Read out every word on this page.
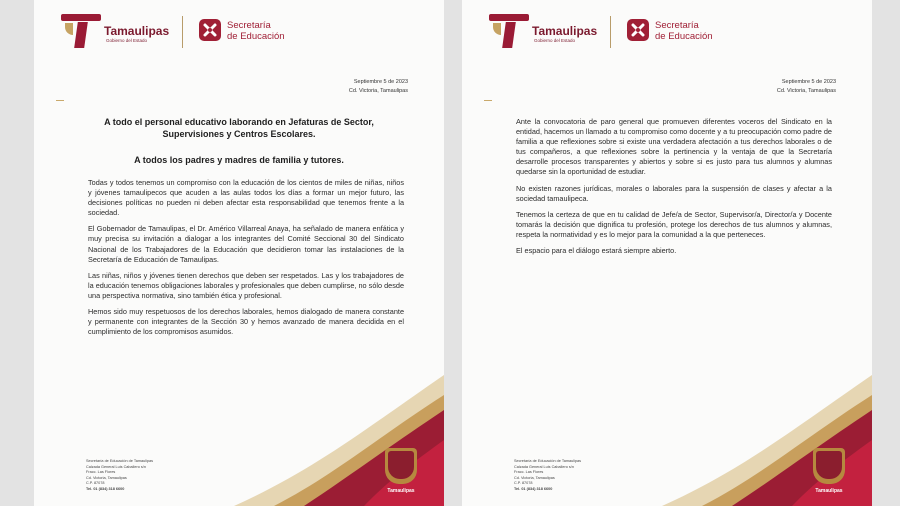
Tamaulipas
Gobierno del Estado
Secretaría
de Educación
Septiembre 5 de 2023
Cd. Victoria, Tamaulipas
A todo el personal educativo laborando en Jefaturas de Sector, Supervisiones y Centros Escolares.
A todos los padres y madres de familia y tutores.

Todas y todos tenemos un compromiso con la educación de los cientos de miles de niñas, niños y jóvenes tamaulipecos que acuden a las aulas todos los días a formar un mejor futuro, las decisiones políticas no pueden ni deben afectar esta responsabilidad que tenemos frente a la sociedad.

El Gobernador de Tamaulipas, el Dr. Américo Villarreal Anaya, ha señalado de manera enfática y muy precisa su invitación a dialogar a los integrantes del Comité Seccional 30 del Sindicato Nacional de los Trabajadores de la Educación que decidieron tomar las instalaciones de la Secretaría de Educación de Tamaulipas.

Las niñas, niños y jóvenes tienen derechos que deben ser respetados. Las y los trabajadores de la educación tenemos obligaciones laborales y profesionales que deben cumplirse, no sólo desde una perspectiva normativa, sino también ética y profesional.

Hemos sido muy respetuosos de los derechos laborales, hemos dialogado de manera constante y permanente con integrantes de la Sección 30 y hemos avanzado de manera decidida en el cumplimiento de los compromisos asumidos.

Secretaría de Educación de Tamaulipas
Calzada General Luis Caballero s/n
Fracc. Las Flores
Cd. Victoria, Tamaulipas
C.P. 87078
Tel. 01 (834) 318 6600	Tamaulipas
Tamaulipas
Gobierno del Estado
Secretaría
de Educación
Septiembre 5 de 2023
Cd. Victoria, Tamaulipas

Ante la convocatoria de paro general que promueven diferentes voceros del Sindicato en la entidad, hacemos un llamado a tu compromiso como docente y a tu preocupación como padre de familia a que reflexiones sobre si existe una verdadera afectación a tus derechos laborales o de tus compañeros, a que reflexiones sobre la pertinencia y la ventaja de que la Secretaría desarrolle procesos transparentes y abiertos y sobre si es justo para tus alumnos y alumnas quedarse sin la oportunidad de estudiar.

No existen razones jurídicas, morales o laborales para la suspensión de clases y afectar a la sociedad tamaulipeca.

Tenemos la certeza de que en tu calidad de Jefe/a de Sector, Supervisor/a, Director/a y Docente tomarás la decisión que dignifica tu profesión, protege los derechos de tus alumnos y alumnas, respeta la normatividad y es lo mejor para la comunidad a la que perteneces.

El espacio para el diálogo estará siempre abierto.

Secretaría de Educación de Tamaulipas
Calzada General Luis Caballero s/n
Fracc. Las Flores
Cd. Victoria, Tamaulipas
C.P. 87078
Tel. 01 (834) 318 6600	Tamaulipas
